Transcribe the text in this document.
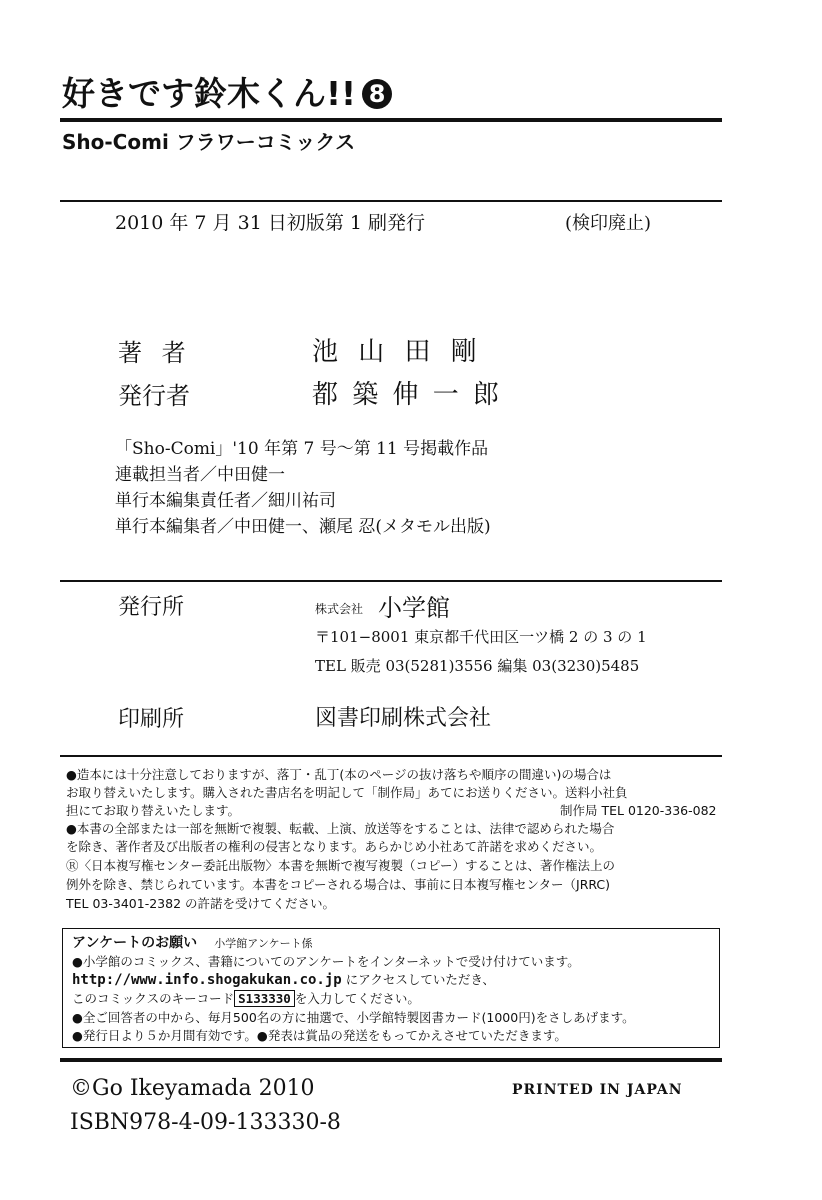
好きです鈴木くん!! 8
Sho-Comi フラワーコミックス
2010 年 7 月 31 日初版第 1 刷発行	(検印廃止)
著 者	池 山 田 剛
発行者	都 築 伸 一 郎
「Sho-Comi」'10 年第 7 号〜第 11 号掲載作品
連載担当者／中田健一
単行本編集責任者／細川祐司
単行本編集者／中田健一、瀬尾 忍(メタモル出版)
発行所	株式会社 小学館
〒101−8001 東京都千代田区一ツ橋 2 の 3 の 1
TEL 販売 03(5281)3556 編集 03(3230)5485
印刷所	図書印刷株式会社
●造本には十分注意しておりますが、落丁・乱丁(本のページの抜け落ちや順序の間違い)の場合は
お取り替えいたします。購入された書店名を明記して「制作局」あてにお送りください。送料小社負
担にてお取り替えいたします。	制作局 TEL 0120-336-082
●本書の全部または一部を無断で複製、転載、上演、放送等をすることは、法律で認められた場合
を除き、著作者及び出版者の権利の侵害となります。あらかじめ小社あて許諾を求めください。
Ⓡ〈日本複写権センター委託出版物〉本書を無断で複写複製（コピー）することは、著作権法上の
例外を除き、禁じられています。本書をコピーされる場合は、事前に日本複写権センター（JRRC)
TEL 03-3401-2382 の許諾を受けてください。
アンケートのお願い 小学館アンケート係
●小学館のコミックス、書籍についてのアンケートをインターネットで受け付けています。
http://www.info.shogakukan.co.jp にアクセスしていただき、
このコミックスのキーコード S133330 を入力してください。
●全ご回答者の中から、毎月500名の方に抽選で、小学館特製図書カード(1000円)をさしあげます。
●発行日より５か月間有効です。●発表は賞品の発送をもってかえさせていただきます。
©Go Ikeyamada 2010	PRINTED IN JAPAN
ISBN978-4-09-133330-8
